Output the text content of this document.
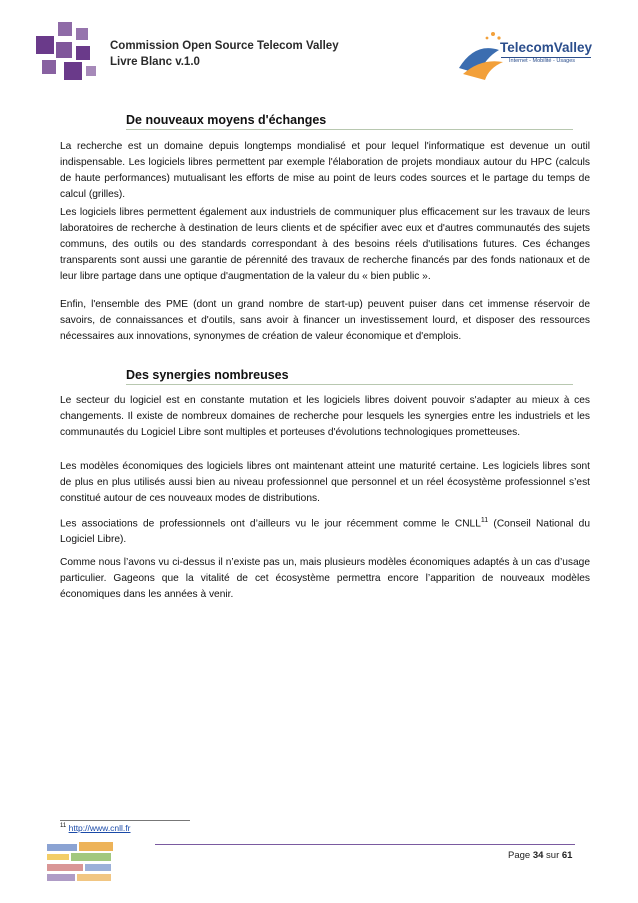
Commission Open Source Telecom Valley
Livre Blanc v.1.0
TelecomValley
Internet - Mobilité - Usages
De nouveaux moyens d'échanges

La recherche est un domaine depuis longtemps mondialisé et pour lequel l'informatique est devenue un outil indispensable. Les logiciels libres permettent par exemple l'élaboration de projets mondiaux autour du HPC (calculs de haute performances) mutualisant les efforts de mise au point de leurs codes sources et le partage du temps de calcul (grilles).

Les logiciels libres permettent également aux industriels de communiquer plus efficacement sur les travaux de leurs laboratoires de recherche à destination de leurs clients et de spécifier avec eux et d'autres communautés des sujets communs, des outils ou des standards correspondant à des besoins réels d'utilisations futures. Ces échanges transparents sont aussi une garantie de pérennité des travaux de recherche financés par des fonds nationaux et de leur libre partage dans une optique d'augmentation de la valeur du « bien public ».

Enfin, l'ensemble des PME (dont un grand nombre de start-up) peuvent puiser dans cet immense réservoir de savoirs, de connaissances et d'outils, sans avoir à financer un investissement lourd, et disposer des ressources nécessaires aux innovations, synonymes de création de valeur économique et d'emplois.

Des synergies nombreuses

Le secteur du logiciel est en constante mutation et les logiciels libres doivent pouvoir s'adapter au mieux à ces changements. Il existe de nombreux domaines de recherche pour lesquels les synergies entre les industriels et les communautés du Logiciel Libre sont multiples et porteuses d'évolutions technologiques prometteuses.

Les modèles économiques des logiciels libres ont maintenant atteint une maturité certaine. Les logiciels libres sont de plus en plus utilisés aussi bien au niveau professionnel que personnel et un réel écosystème professionnel s’est constitué autour de ces nouveaux modes de distributions.

Les associations de professionnels ont d’ailleurs vu le jour récemment comme le CNLL$^{11}$ (Conseil National du Logiciel Libre).

Comme nous l’avons vu ci-dessus il n’existe pas un, mais plusieurs modèles économiques adaptés à un cas d’usage particulier. Gageons que la vitalité de cet écosystème permettra encore l’apparition de nouveaux modèles économiques dans les années à venir.

$^{11}$ http://www.cnll.fr
Page 34 sur 61
